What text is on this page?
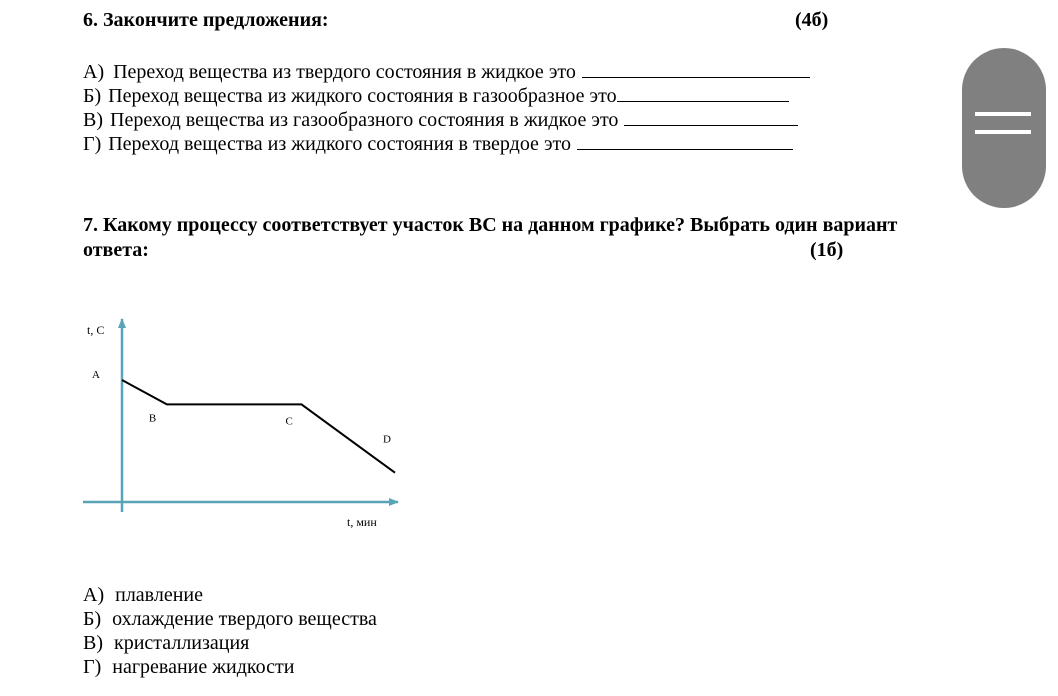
6. Закончите предложения:	(4б)
А) Переход вещества из твердого состояния в жидкое это
Б) Переход вещества из жидкого состояния в газообразное это
В) Переход вещества из газообразного состояния в жидкое это
Г) Переход вещества из жидкого состояния в твердое это
7. Какому процессу соответствует участок ВС на данном графике? Выбрать один вариант
ответа:	(1б)
t, C
t, мин
A
B	C
D
А) плавление
Б) охлаждение твердого вещества
В) кристаллизация
Г) нагревание жидкости
